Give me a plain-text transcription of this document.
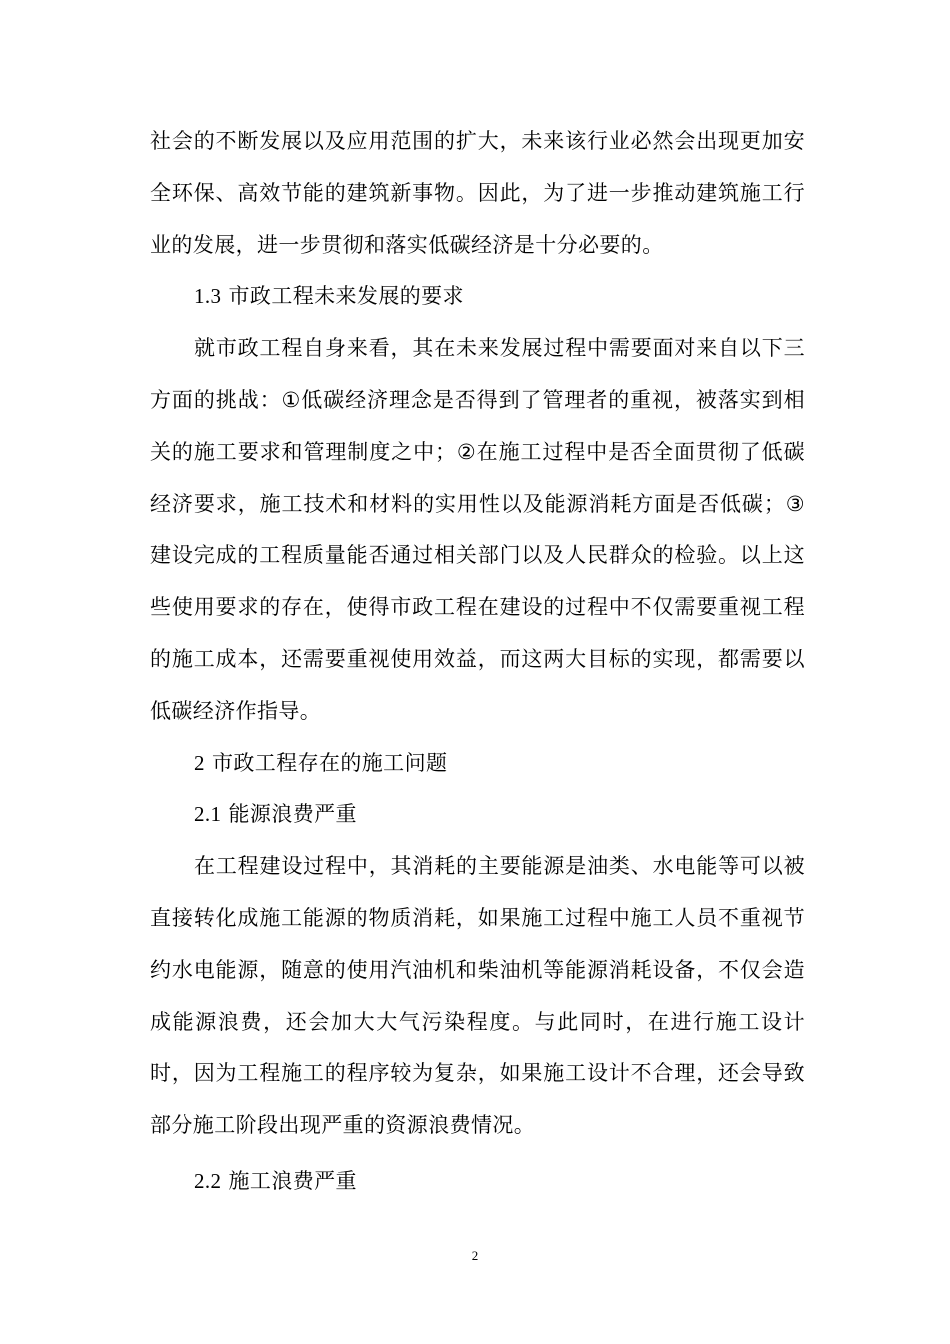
社会的不断发展以及应用范围的扩大，未来该行业必然会出现更加安全环保、高效节能的建筑新事物。因此，为了进一步推动建筑施工行业的发展，进一步贯彻和落实低碳经济是十分必要的。

1.3 市政工程未来发展的要求

就市政工程自身来看，其在未来发展过程中需要面对来自以下三方面的挑战：①低碳经济理念是否得到了管理者的重视，被落实到相关的施工要求和管理制度之中；②在施工过程中是否全面贯彻了低碳经济要求，施工技术和材料的实用性以及能源消耗方面是否低碳；③建设完成的工程质量能否通过相关部门以及人民群众的检验。以上这些使用要求的存在，使得市政工程在建设的过程中不仅需要重视工程的施工成本，还需要重视使用效益，而这两大目标的实现，都需要以低碳经济作指导。

2 市政工程存在的施工问题

2.1 能源浪费严重

在工程建设过程中，其消耗的主要能源是油类、水电能等可以被直接转化成施工能源的物质消耗，如果施工过程中施工人员不重视节约水电能源，随意的使用汽油机和柴油机等能源消耗设备，不仅会造成能源浪费，还会加大大气污染程度。与此同时，在进行施工设计时，因为工程施工的程序较为复杂，如果施工设计不合理，还会导致部分施工阶段出现严重的资源浪费情况。

2.2 施工浪费严重

2
